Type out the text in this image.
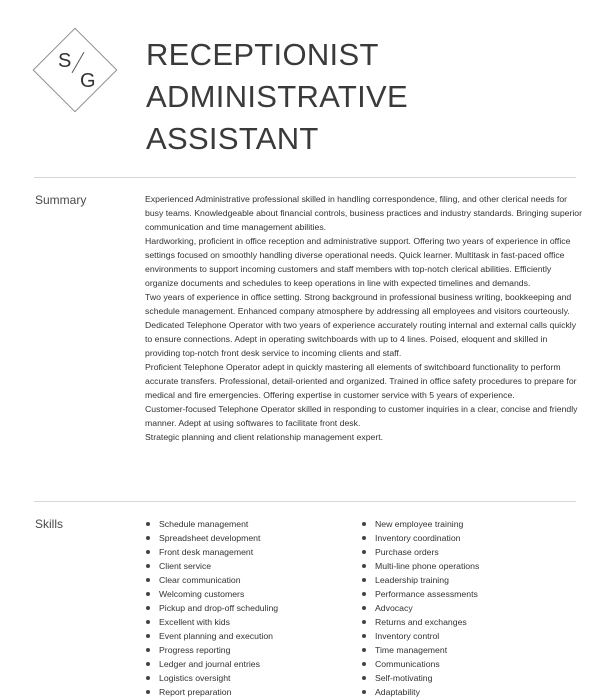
S
G
RECEPTIONIST
ADMINISTRATIVE
ASSISTANT
Summary	Experienced Administrative professional skilled in handling correspondence, filing, and other clerical needs for busy teams. Knowledgeable about financial controls, business practices and industry standards. Bringing superior communication and time management abilities.

Hardworking, proficient in office reception and administrative support. Offering two years of experience in office settings focused on smoothly handling diverse operational needs. Quick learner. Multitask in fast-paced office environments to support incoming customers and staff members with top-notch clerical abilities. Efficiently organize documents and schedules to keep operations in line with expected timelines and demands.

Two years of experience in office setting. Strong background in professional business writing, bookkeeping and schedule management. Enhanced company atmosphere by addressing all employees and visitors courteously.

Dedicated Telephone Operator with two years of experience accurately routing internal and external calls quickly to ensure connections. Adept in operating switchboards with up to 4 lines. Poised, eloquent and skilled in providing top-notch front desk service to incoming clients and staff.

Proficient Telephone Operator adept in quickly mastering all elements of switchboard functionality to perform accurate transfers. Professional, detail-oriented and organized. Trained in office safety procedures to prepare for medical and fire emergencies. Offering expertise in customer service with 5 years of experience.

Customer-focused Telephone Operator skilled in responding to customer inquiries in a clear, concise and friendly manner. Adept at using softwares to facilitate front desk.

Strategic planning and client relationship management expert.

Skills	Schedule management
Spreadsheet development
Front desk management
Client service
Clear communication
Welcoming customers
Pickup and drop-off scheduling
Excellent with kids
Event planning and execution
Progress reporting
Ledger and journal entries
Logistics oversight
Report preparation
New employee training
Inventory coordination
Purchase orders
Multi-line phone operations
Leadership training
Performance assessments
Advocacy
Returns and exchanges
Inventory control
Time management
Communications
Self-motivating
Adaptability
